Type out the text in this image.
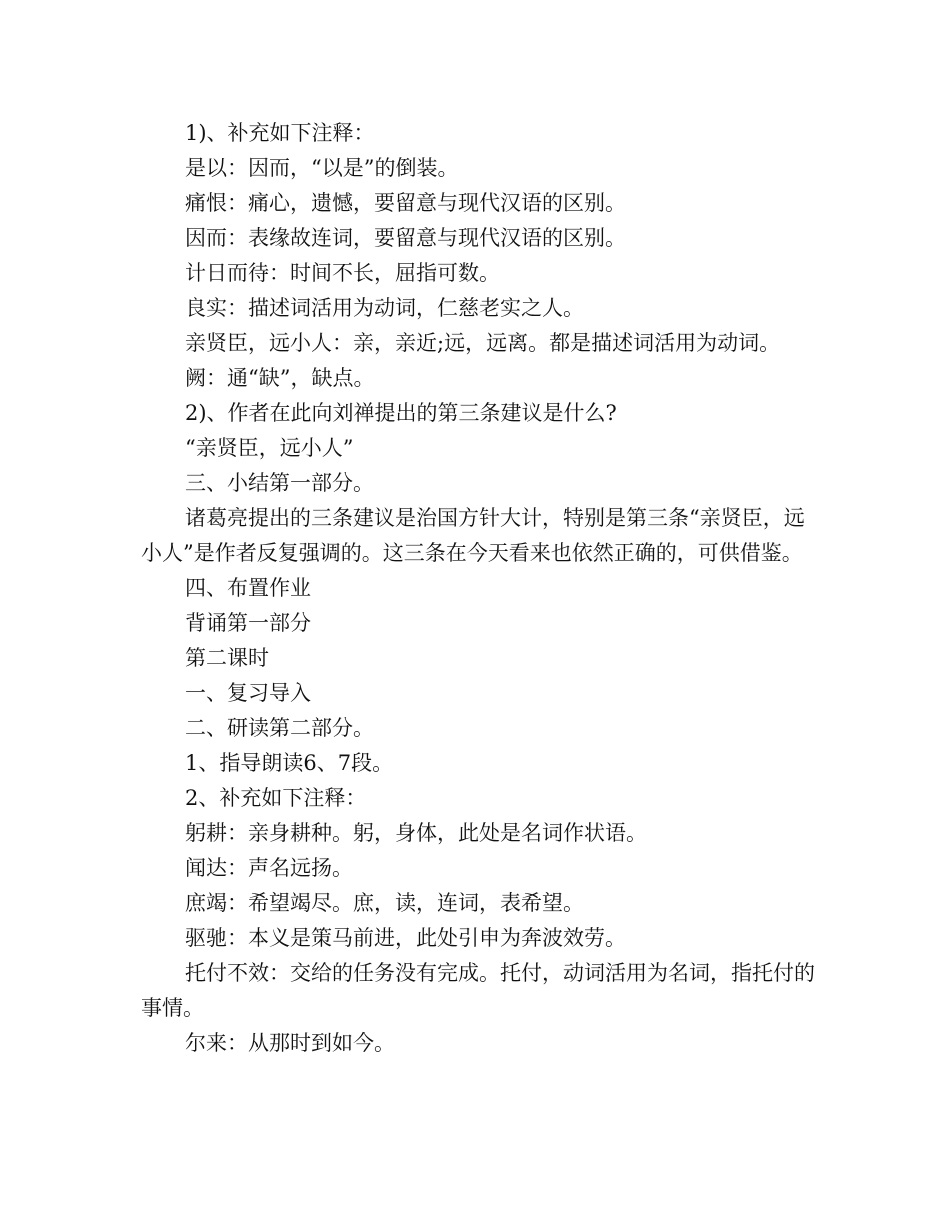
1)、补充如下注释：

是以：因而，“以是”的倒装。

痛恨：痛心，遗憾，要留意与现代汉语的区别。

因而：表缘故连词，要留意与现代汉语的区别。

计日而待：时间不长，屈指可数。

良实：描述词活用为动词，仁慈老实之人。

亲贤臣，远小人：亲，亲近;远，远离。都是描述词活用为动词。

阙：通“缺”，缺点。

2)、作者在此向刘禅提出的第三条建议是什么?

“亲贤臣，远小人”

三、小结第一部分。

诸葛亮提出的三条建议是治国方针大计，特别是第三条“亲贤臣，远小人”是作者反复强调的。这三条在今天看来也依然正确的，可供借鉴。

四、布置作业

背诵第一部分

第二课时

一、复习导入

二、研读第二部分。

1、指导朗读6、7段。

2、补充如下注释：

躬耕：亲身耕种。躬，身体，此处是名词作状语。

闻达：声名远扬。

庶竭：希望竭尽。庶，读，连词，表希望。

驱驰：本义是策马前进，此处引申为奔波效劳。

托付不效：交给的任务没有完成。托付，动词活用为名词，指托付的事情。

尔来：从那时到如今。
